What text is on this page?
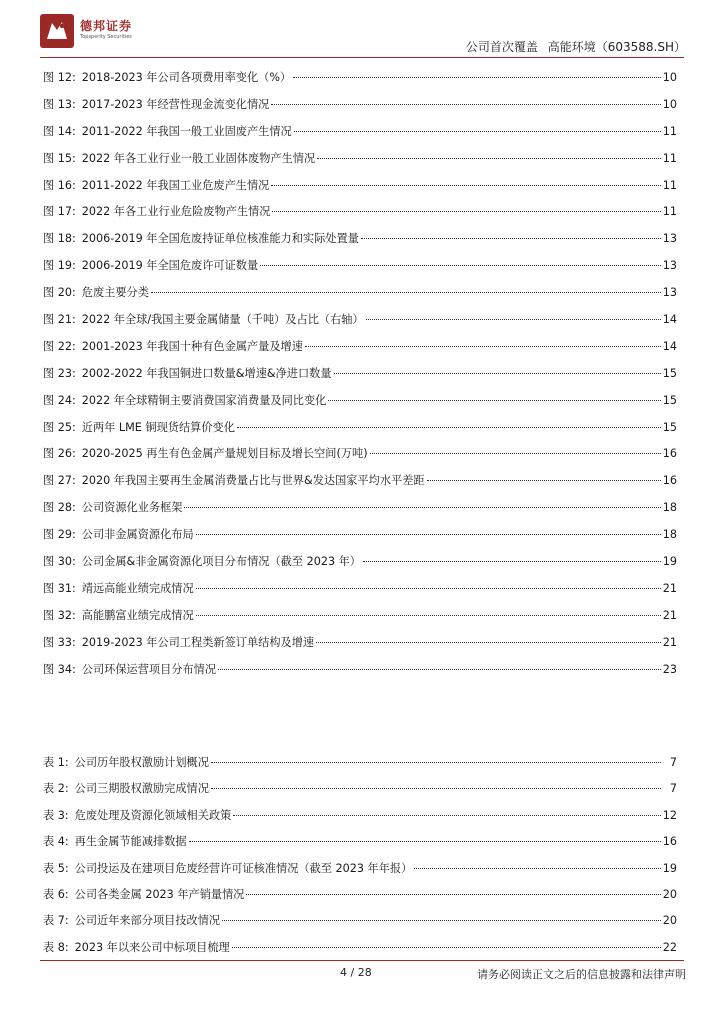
德邦证券
Topsperity Securities
公司首次覆盖 高能环境（603588.SH）
图 12: 2018-2023 年公司各项费用率变化（%）	10
图 13: 2017-2023 年经营性现金流变化情况	10
图 14: 2011-2022 年我国一般工业固废产生情况	11
图 15: 2022 年各工业行业一般工业固体废物产生情况	11
图 16: 2011-2022 年我国工业危废产生情况	11
图 17: 2022 年各工业行业危险废物产生情况	11
图 18: 2006-2019 年全国危废持证单位核准能力和实际处置量	13
图 19: 2006-2019 年全国危废许可证数量	13
图 20: 危废主要分类	13
图 21: 2022 年全球/我国主要金属储量（千吨）及占比（右轴）	14
图 22: 2001-2023 年我国十种有色金属产量及增速	14
图 23: 2002-2022 年我国铜进口数量&增速&净进口数量	15
图 24: 2022 年全球精铜主要消费国家消费量及同比变化	15
图 25: 近两年 LME 铜现货结算价变化	15
图 26: 2020-2025 再生有色金属产量规划目标及增长空间(万吨)	16
图 27: 2020 年我国主要再生金属消费量占比与世界&发达国家平均水平差距	16
图 28: 公司资源化业务框架	18
图 29: 公司非金属资源化布局	18
图 30: 公司金属&非金属资源化项目分布情况（截至 2023 年）	19
图 31: 靖远高能业绩完成情况	21
图 32: 高能鹏富业绩完成情况	21
图 33: 2019-2023 年公司工程类新签订单结构及增速	21
图 34: 公司环保运营项目分布情况	23
表 1: 公司历年股权激励计划概况	7
表 2: 公司三期股权激励完成情况	7
表 3: 危废处理及资源化领域相关政策	12
表 4: 再生金属节能减排数据	16
表 5: 公司投运及在建项目危废经营许可证核准情况（截至 2023 年年报）	19
表 6: 公司各类金属 2023 年产销量情况	20
表 7: 公司近年来部分项目技改情况	20
表 8: 2023 年以来公司中标项目梳理	22
4 / 28	请务必阅读正文之后的信息披露和法律声明
